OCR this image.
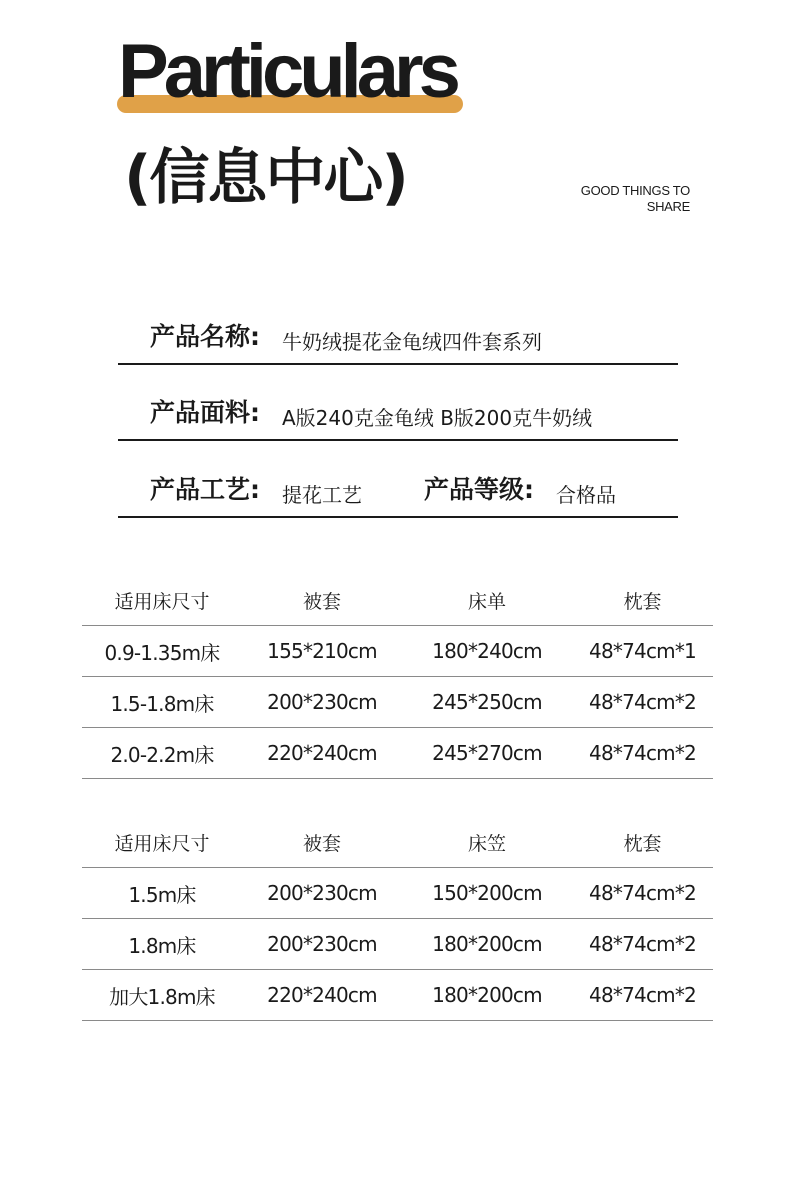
Particulars
(信息中心)	GOOD THINGS TO
SHARE
产品名称: 牛奶绒提花金龟绒四件套系列
产品面料: A版240克金龟绒 B版200克牛奶绒
产品工艺: 提花工艺 产品等级: 合格品
适用床尺寸	被套	床单	枕套
0.9-1.35m床	155*210cm	180*240cm	48*74cm*1
1.5-1.8m床	200*230cm	245*250cm	48*74cm*2
2.0-2.2m床	220*240cm	245*270cm	48*74cm*2
适用床尺寸	被套	床笠	枕套
1.5m床	200*230cm	150*200cm	48*74cm*2
1.8m床	200*230cm	180*200cm	48*74cm*2
加大1.8m床	220*240cm	180*200cm	48*74cm*2
